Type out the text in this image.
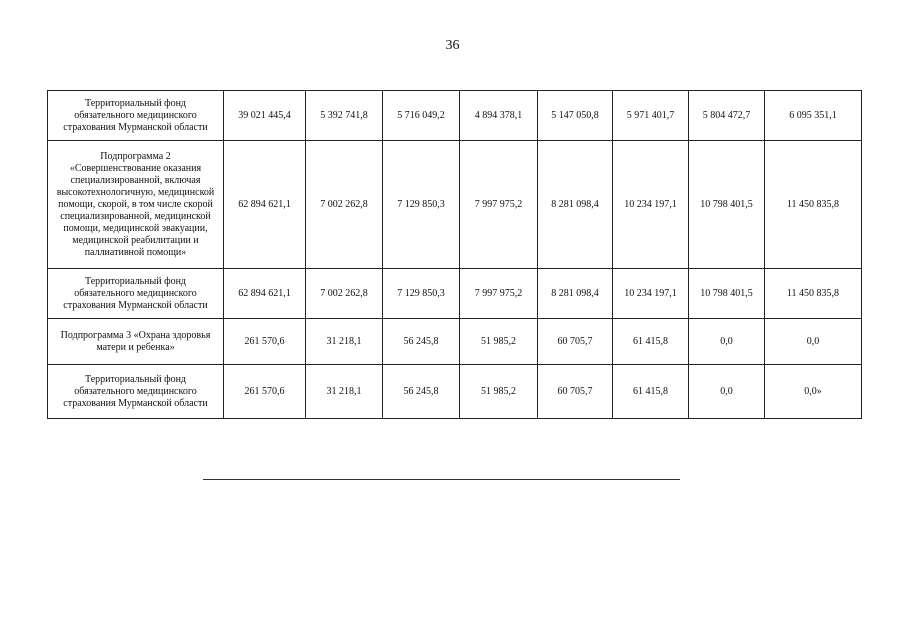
36
Территориальный фонд обязательного медицинского страхования Мурманской области	39 021 445,4	5 392 741,8	5 716 049,2	4 894 378,1	5 147 050,8	5 971 401,7	5 804 472,7	6 095 351,1
Подпрограмма 2 «Совершенствование оказания специализированной, включая высокотехнологичную, медицинской помощи, скорой, в том числе скорой специализированной, медицинской помощи, медицинской эвакуации, медицинской реабилитации и паллиативной помощи»	62 894 621,1	7 002 262,8	7 129 850,3	7 997 975,2	8 281 098,4	10 234 197,1	10 798 401,5	11 450 835,8
Территориальный фонд обязательного медицинского страхования Мурманской области	62 894 621,1	7 002 262,8	7 129 850,3	7 997 975,2	8 281 098,4	10 234 197,1	10 798 401,5	11 450 835,8
Подпрограмма 3 «Охрана здоровья матери и ребенка»	261 570,6	31 218,1	56 245,8	51 985,2	60 705,7	61 415,8	0,0	0,0
Территориальный фонд обязательного медицинского страхования Мурманской области	261 570,6	31 218,1	56 245,8	51 985,2	60 705,7	61 415,8	0,0	0,0»
